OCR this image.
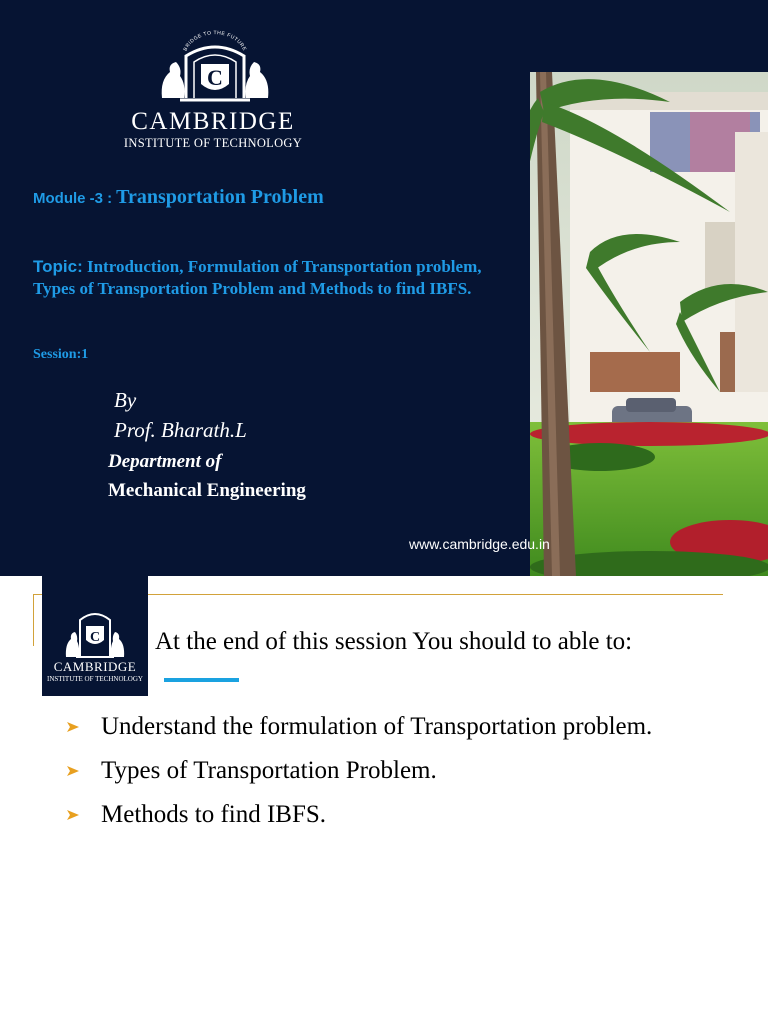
BRIDGE TO THE FUTURE
C
CAMBRIDGE
INSTITUTE OF TECHNOLOGY
Module -3 : Transportation Problem
Topic: Introduction, Formulation of Transportation problem, Types of Transportation Problem and Methods to find IBFS.
Session:1
By
Prof. Bharath.L
Department of
Mechanical Engineering
www.cambridge.edu.in
C
CAMBRIDGE
INSTITUTE OF TECHNOLOGY
At the end of this session You should to able to:
Understand the formulation of Transportation problem.
Types of Transportation Problem.
Methods to find IBFS.
